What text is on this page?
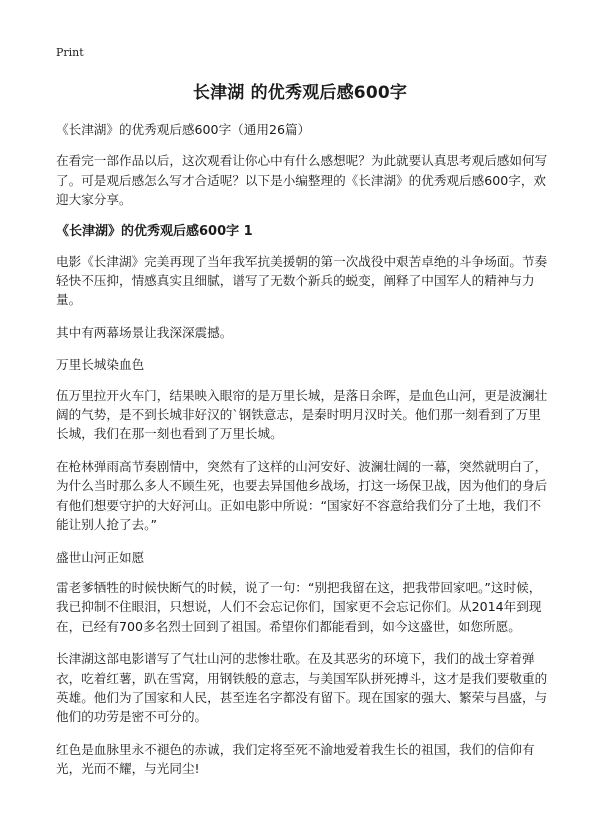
Print
长津湖 的优秀观后感600字

《长津湖》的优秀观后感600字（通用26篇）

在看完一部作品以后，这次观看让你心中有什么感想呢？为此就要认真思考观后感如何写了。可是观后感怎么写才合适呢？以下是小编整理的《长津湖》的优秀观后感600字，欢迎大家分享。

《长津湖》的优秀观后感600字 1

电影《长津湖》完美再现了当年我军抗美援朝的第一次战役中艰苦卓绝的斗争场面。节奏轻快不压抑，情感真实且细腻，谱写了无数个新兵的蜕变，阐释了中国军人的精神与力量。

其中有两幕场景让我深深震撼。

万里长城染血色

伍万里拉开火车门，结果映入眼帘的是万里长城，是落日余晖，是血色山河，更是波澜壮阔的气势，是不到长城非好汉的`钢铁意志，是秦时明月汉时关。他们那一刻看到了万里长城，我们在那一刻也看到了万里长城。

在枪林弹雨高节奏剧情中，突然有了这样的山河安好、波澜壮阔的一幕，突然就明白了，为什么当时那么多人不顾生死，也要去异国他乡战场，打这一场保卫战，因为他们的身后有他们想要守护的大好河山。正如电影中所说：“国家好不容意给我们分了土地，我们不能让别人抢了去。”

盛世山河正如愿

雷老爹牺牲的时候快断气的时候，说了一句：“别把我留在这，把我带回家吧。”这时候，我已抑制不住眼泪，只想说，人们不会忘记你们，国家更不会忘记你们。从2014年到现在，已经有700多名烈士回到了祖国。希望你们都能看到，如今这盛世，如您所愿。

长津湖这部电影谱写了气壮山河的悲惨壮歌。在及其恶劣的环境下，我们的战士穿着弹衣，吃着红薯，趴在雪窝，用钢铁般的意志，与美国军队拼死搏斗，这才是我们要敬重的英雄。他们为了国家和人民，甚至连名字都没有留下。现在国家的强大、繁荣与昌盛，与他们的功劳是密不可分的。

红色是血脉里永不褪色的赤诚，我们定将至死不渝地爱着我生长的祖国，我们的信仰有光，光而不耀，与光同尘!
